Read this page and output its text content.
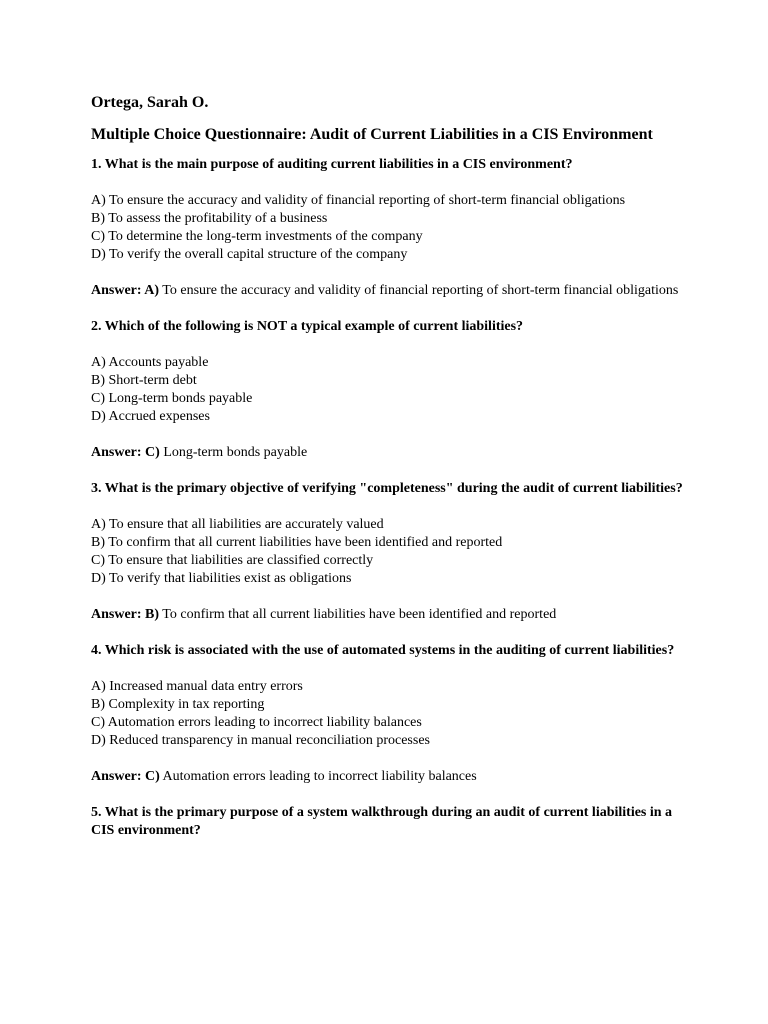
Ortega, Sarah O.
Multiple Choice Questionnaire: Audit of Current Liabilities in a CIS Environment
1. What is the main purpose of auditing current liabilities in a CIS environment?
A) To ensure the accuracy and validity of financial reporting of short-term financial obligations
B) To assess the profitability of a business
C) To determine the long-term investments of the company
D) To verify the overall capital structure of the company
Answer: A) To ensure the accuracy and validity of financial reporting of short-term financial obligations
2. Which of the following is NOT a typical example of current liabilities?
A) Accounts payable
B) Short-term debt
C) Long-term bonds payable
D) Accrued expenses
Answer: C) Long-term bonds payable
3. What is the primary objective of verifying "completeness" during the audit of current liabilities?
A) To ensure that all liabilities are accurately valued
B) To confirm that all current liabilities have been identified and reported
C) To ensure that liabilities are classified correctly
D) To verify that liabilities exist as obligations
Answer: B) To confirm that all current liabilities have been identified and reported
4. Which risk is associated with the use of automated systems in the auditing of current liabilities?
A) Increased manual data entry errors
B) Complexity in tax reporting
C) Automation errors leading to incorrect liability balances
D) Reduced transparency in manual reconciliation processes
Answer: C) Automation errors leading to incorrect liability balances
5. What is the primary purpose of a system walkthrough during an audit of current liabilities in a CIS environment?
